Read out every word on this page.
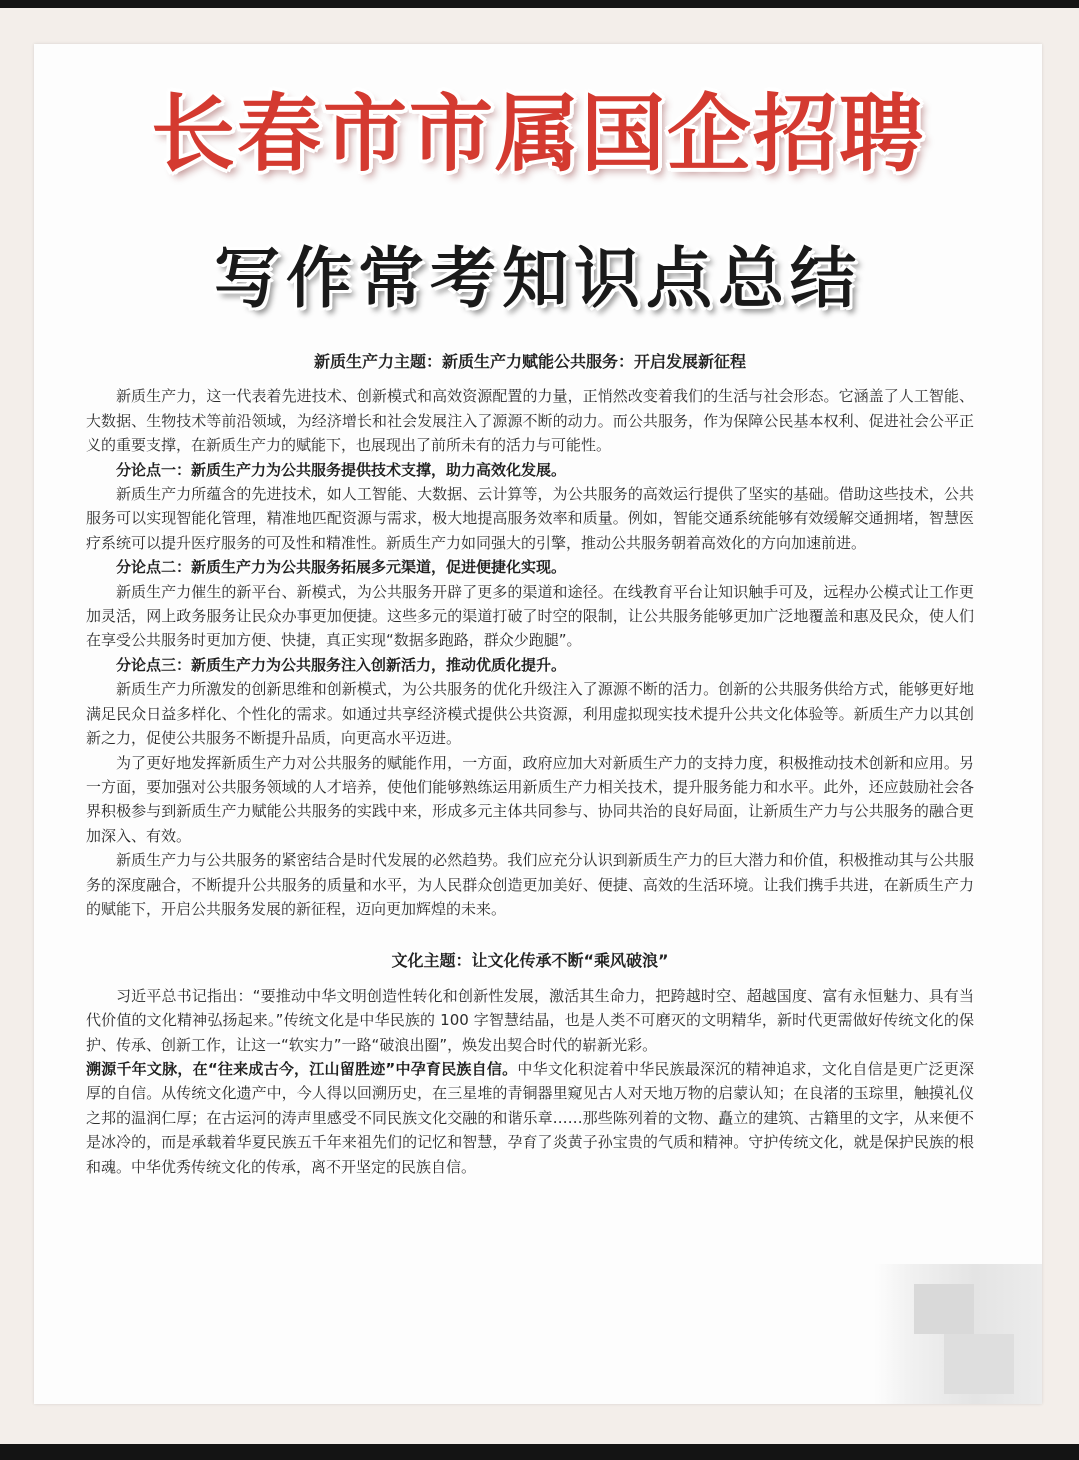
长春市市属国企招聘
写作常考知识点总结
新质生产力主题：新质生产力赋能公共服务：开启发展新征程

新质生产力，这一代表着先进技术、创新模式和高效资源配置的力量，正悄然改变着我们的生活与社会形态。它涵盖了人工智能、大数据、生物技术等前沿领域，为经济增长和社会发展注入了源源不断的动力。而公共服务，作为保障公民基本权利、促进社会公平正义的重要支撑，在新质生产力的赋能下，也展现出了前所未有的活力与可能性。

分论点一：新质生产力为公共服务提供技术支撑，助力高效化发展。

新质生产力所蕴含的先进技术，如人工智能、大数据、云计算等，为公共服务的高效运行提供了坚实的基础。借助这些技术，公共服务可以实现智能化管理，精准地匹配资源与需求，极大地提高服务效率和质量。例如，智能交通系统能够有效缓解交通拥堵，智慧医疗系统可以提升医疗服务的可及性和精准性。新质生产力如同强大的引擎，推动公共服务朝着高效化的方向加速前进。

分论点二：新质生产力为公共服务拓展多元渠道，促进便捷化实现。

新质生产力催生的新平台、新模式，为公共服务开辟了更多的渠道和途径。在线教育平台让知识触手可及，远程办公模式让工作更加灵活，网上政务服务让民众办事更加便捷。这些多元的渠道打破了时空的限制，让公共服务能够更加广泛地覆盖和惠及民众，使人们在享受公共服务时更加方便、快捷，真正实现“数据多跑路，群众少跑腿”。

分论点三：新质生产力为公共服务注入创新活力，推动优质化提升。

新质生产力所激发的创新思维和创新模式，为公共服务的优化升级注入了源源不断的活力。创新的公共服务供给方式，能够更好地满足民众日益多样化、个性化的需求。如通过共享经济模式提供公共资源，利用虚拟现实技术提升公共文化体验等。新质生产力以其创新之力，促使公共服务不断提升品质，向更高水平迈进。

为了更好地发挥新质生产力对公共服务的赋能作用，一方面，政府应加大对新质生产力的支持力度，积极推动技术创新和应用。另一方面，要加强对公共服务领域的人才培养，使他们能够熟练运用新质生产力相关技术，提升服务能力和水平。此外，还应鼓励社会各界积极参与到新质生产力赋能公共服务的实践中来，形成多元主体共同参与、协同共治的良好局面，让新质生产力与公共服务的融合更加深入、有效。

新质生产力与公共服务的紧密结合是时代发展的必然趋势。我们应充分认识到新质生产力的巨大潜力和价值，积极推动其与公共服务的深度融合，不断提升公共服务的质量和水平，为人民群众创造更加美好、便捷、高效的生活环境。让我们携手共进，在新质生产力的赋能下，开启公共服务发展的新征程，迈向更加辉煌的未来。

文化主题：让文化传承不断“乘风破浪”

习近平总书记指出：“要推动中华文明创造性转化和创新性发展，激活其生命力，把跨越时空、超越国度、富有永恒魅力、具有当代价值的文化精神弘扬起来。”传统文化是中华民族的 100 字智慧结晶，也是人类不可磨灭的文明精华，新时代更需做好传统文化的保护、传承、创新工作，让这一“软实力”一路“破浪出圈”，焕发出契合时代的崭新光彩。

溯源千年文脉，在“往来成古今，江山留胜迹”中孕育民族自信。中华文化积淀着中华民族最深沉的精神追求，文化自信是更广泛更深厚的自信。从传统文化遗产中，今人得以回溯历史，在三星堆的青铜器里窥见古人对天地万物的启蒙认知；在良渚的玉琮里，触摸礼仪之邦的温润仁厚；在古运河的涛声里感受不同民族文化交融的和谐乐章……那些陈列着的文物、矗立的建筑、古籍里的文字，从来便不是冰冷的，而是承载着华夏民族五千年来祖先们的记忆和智慧，孕育了炎黄子孙宝贵的气质和精神。守护传统文化，就是保护民族的根和魂。中华优秀传统文化的传承，离不开坚定的民族自信。
